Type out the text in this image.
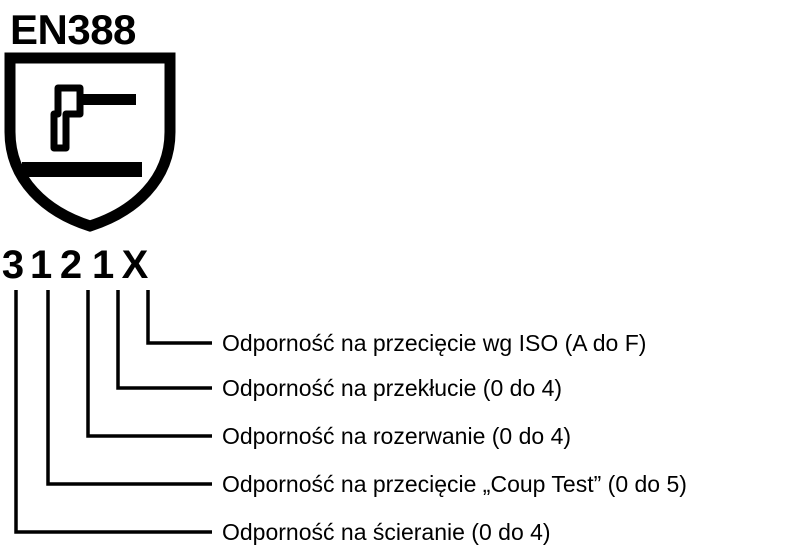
EN388
3 1 2 1 X
Odporność na przecięcie wg ISO (A do F)
Odporność na przekłucie (0 do 4)
Odporność na rozerwanie (0 do 4)
Odporność na przecięcie „Coup Test” (0 do 5)
Odporność na ścieranie (0 do 4)
